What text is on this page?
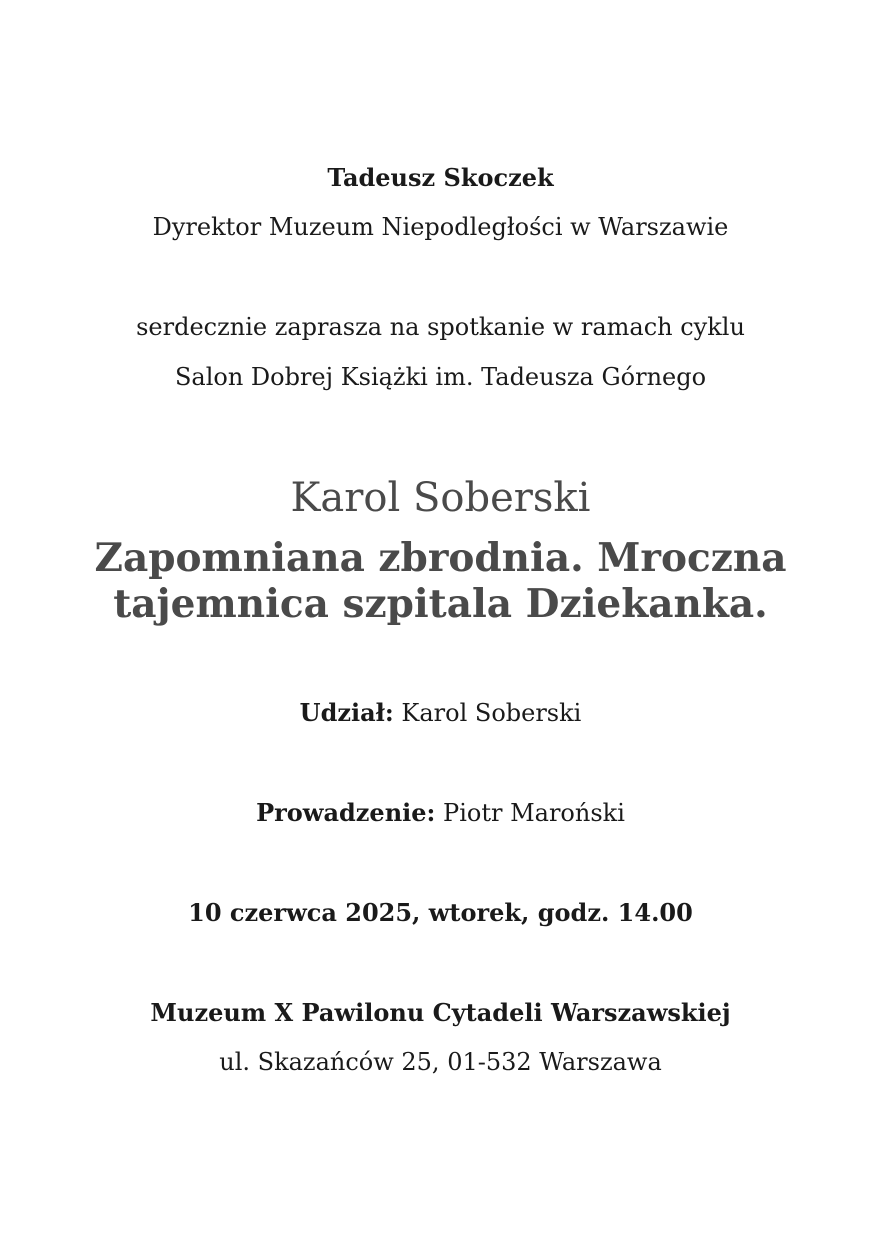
Tadeusz Skoczek
Dyrektor Muzeum Niepodległości w Warszawie
serdecznie zaprasza na spotkanie w ramach cyklu
Salon Dobrej Książki im. Tadeusza Górnego
Karol Soberski
Zapomniana zbrodnia. Mroczna
tajemnica szpitala Dziekanka.
Udział: Karol Soberski
Prowadzenie: Piotr Maroński
10 czerwca 2025, wtorek, godz. 14.00
Muzeum X Pawilonu Cytadeli Warszawskiej
ul. Skazańców 25, 01-532 Warszawa
